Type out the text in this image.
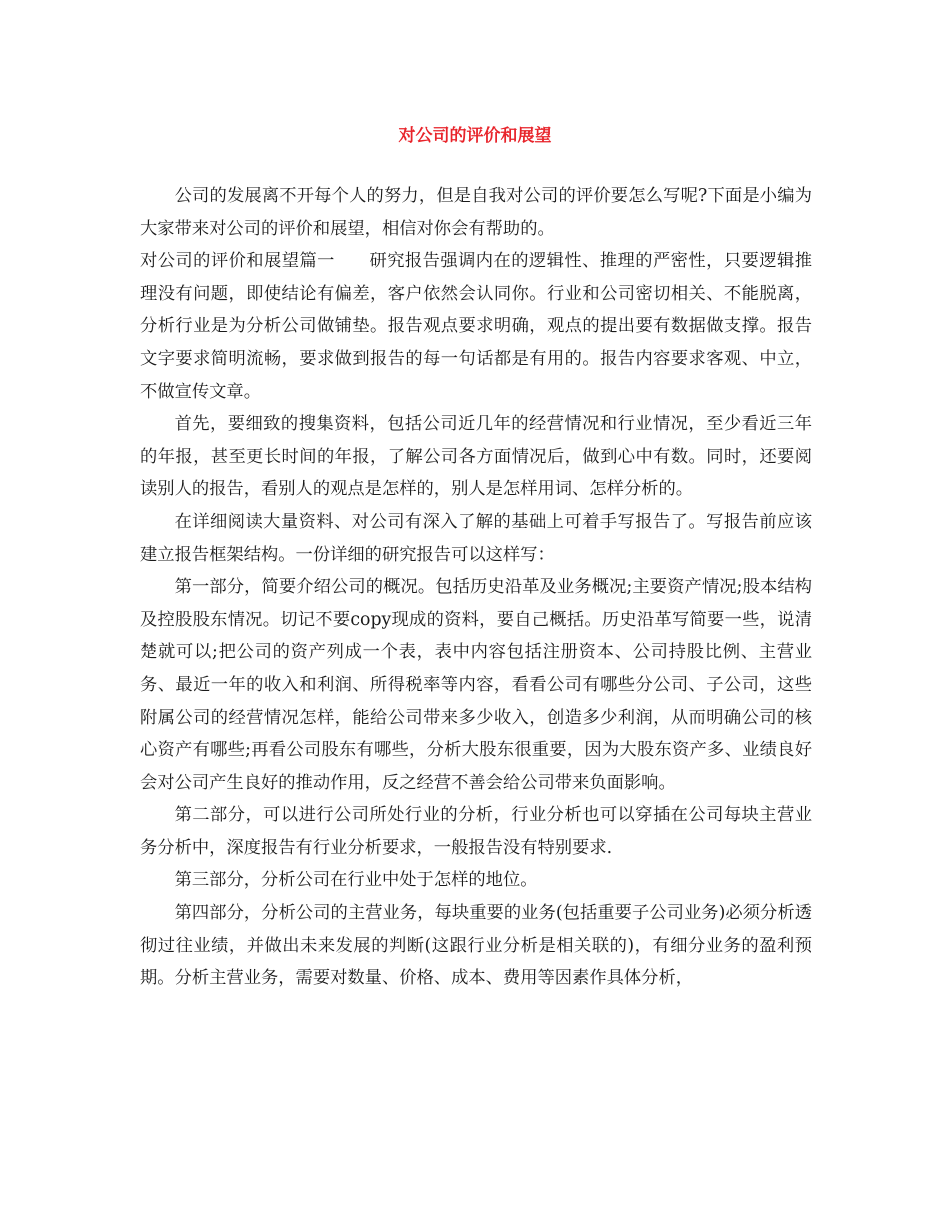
对公司的评价和展望

公司的发展离不开每个人的努力，但是自我对公司的评价要怎么写呢?下面是小编为大家带来对公司的评价和展望，相信对你会有帮助的。

对公司的评价和展望篇一 研究报告强调内在的逻辑性、推理的严密性，只要逻辑推理没有问题，即使结论有偏差，客户依然会认同你。行业和公司密切相关、不能脱离，分析行业是为分析公司做铺垫。报告观点要求明确，观点的提出要有数据做支撑。报告文字要求简明流畅，要求做到报告的每一句话都是有用的。报告内容要求客观、中立，不做宣传文章。

首先，要细致的搜集资料，包括公司近几年的经营情况和行业情况，至少看近三年的年报，甚至更长时间的年报，了解公司各方面情况后，做到心中有数。同时，还要阅读别人的报告，看别人的观点是怎样的，别人是怎样用词、怎样分析的。

在详细阅读大量资料、对公司有深入了解的基础上可着手写报告了。写报告前应该建立报告框架结构。一份详细的研究报告可以这样写：

第一部分，简要介绍公司的概况。包括历史沿革及业务概况;主要资产情况;股本结构及控股股东情况。切记不要copy现成的资料，要自己概括。历史沿革写简要一些，说清楚就可以;把公司的资产列成一个表，表中内容包括注册资本、公司持股比例、主营业务、最近一年的收入和利润、所得税率等内容，看看公司有哪些分公司、子公司，这些附属公司的经营情况怎样，能给公司带来多少收入，创造多少利润，从而明确公司的核心资产有哪些;再看公司股东有哪些，分析大股东很重要，因为大股东资产多、业绩良好会对公司产生良好的推动作用，反之经营不善会给公司带来负面影响。

第二部分，可以进行公司所处行业的分析，行业分析也可以穿插在公司每块主营业务分析中，深度报告有行业分析要求，一般报告没有特别要求.

第三部分，分析公司在行业中处于怎样的地位。

第四部分，分析公司的主营业务，每块重要的业务(包括重要子公司业务)必须分析透彻过往业绩，并做出未来发展的判断(这跟行业分析是相关联的)，有细分业务的盈利预期。分析主营业务，需要对数量、价格、成本、费用等因素作具体分析，
